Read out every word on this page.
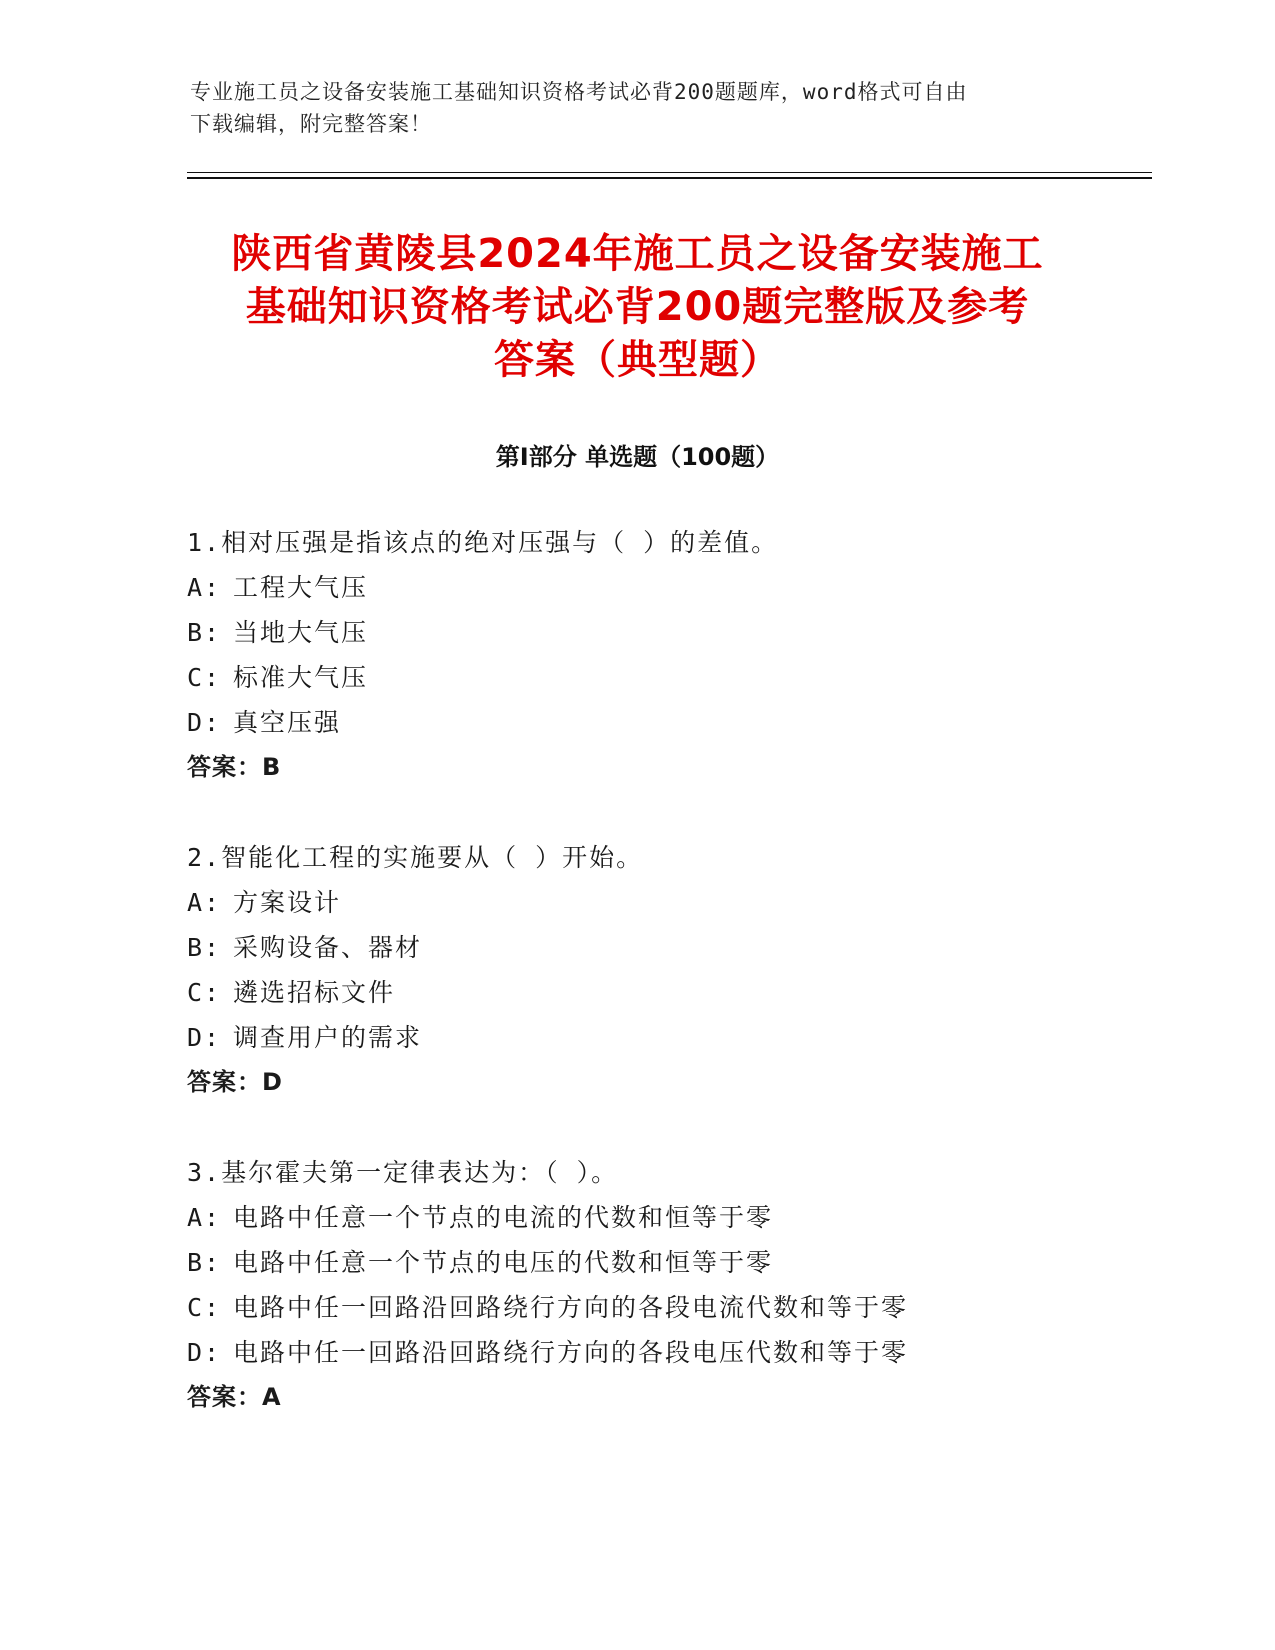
专业施工员之设备安装施工基础知识资格考试必背200题题库，word格式可自由
下载编辑，附完整答案！
陕西省黄陵县2024年施工员之设备安装施工
基础知识资格考试必背200题完整版及参考
答案（典型题）
第Ⅰ部分 单选题（100题）
1.相对压强是指该点的绝对压强与（ ）的差值。
A: 工程大气压
B: 当地大气压
C: 标准大气压
D: 真空压强
答案：B
2.智能化工程的实施要从（ ）开始。
A: 方案设计
B: 采购设备、器材
C: 遴选招标文件
D: 调查用户的需求
答案：D
3.基尔霍夫第一定律表达为：（ ）。
A: 电路中任意一个节点的电流的代数和恒等于零
B: 电路中任意一个节点的电压的代数和恒等于零
C: 电路中任一回路沿回路绕行方向的各段电流代数和等于零
D: 电路中任一回路沿回路绕行方向的各段电压代数和等于零
答案：A
